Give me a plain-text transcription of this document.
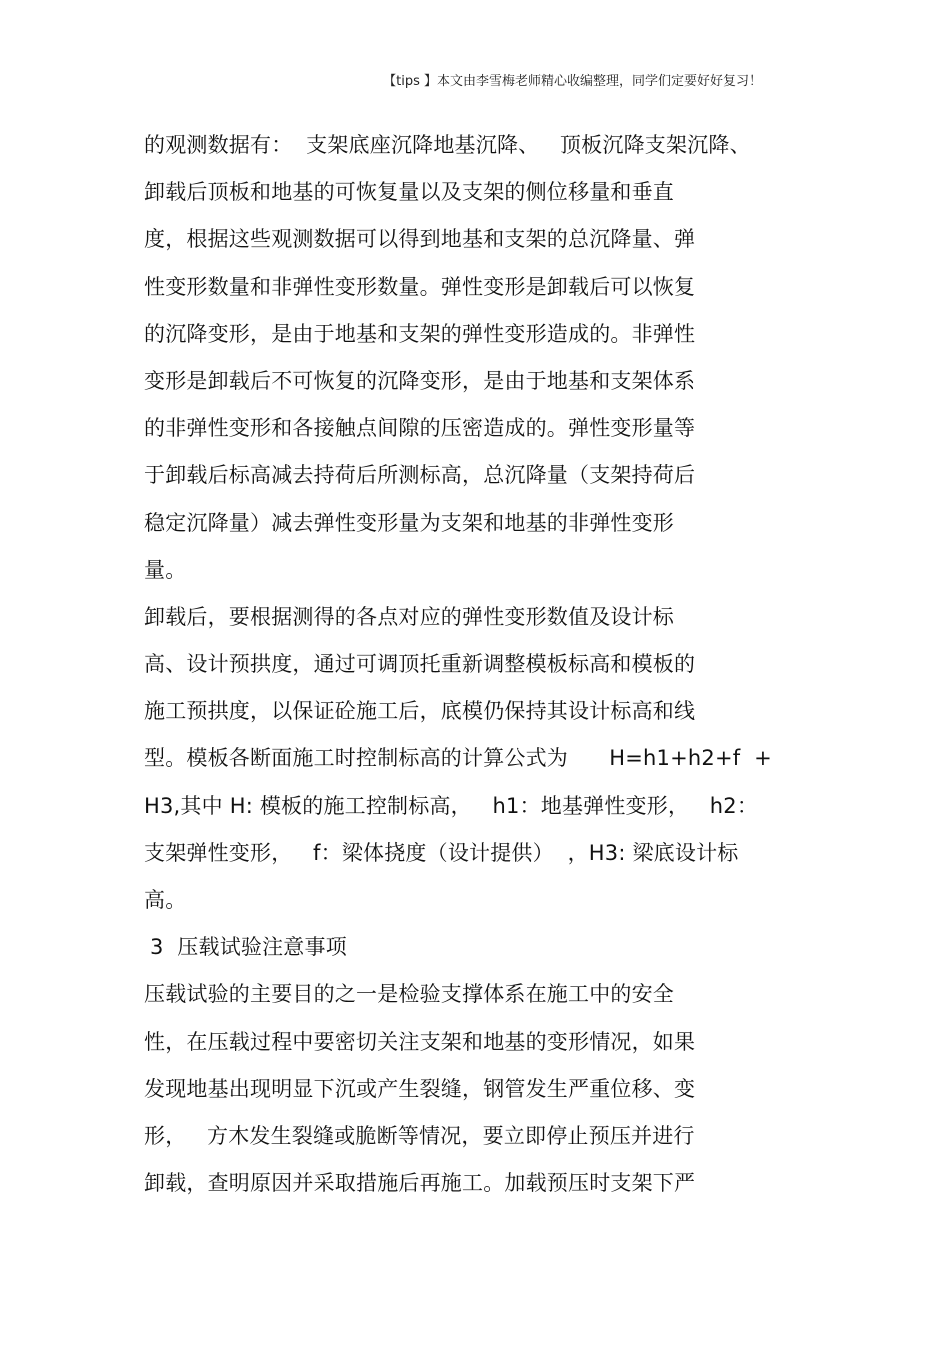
【tips 】本文由李雪梅老师精心收编整理，同学们定要好好复习！
的观测数据有：  支架底座沉降地基沉降、   顶板沉降支架沉降、
卸载后顶板和地基的可恢复量以及支架的侧位移量和垂直
度，根据这些观测数据可以得到地基和支架的总沉降量、弹
性变形数量和非弹性变形数量。弹性变形是卸载后可以恢复
的沉降变形，是由于地基和支架的弹性变形造成的。非弹性
变形是卸载后不可恢复的沉降变形，是由于地基和支架体系
的非弹性变形和各接触点间隙的压密造成的。弹性变形量等
于卸载后标高减去持荷后所测标高，总沉降量（支架持荷后
稳定沉降量）减去弹性变形量为支架和地基的非弹性变形
量。
卸载后，要根据测得的各点对应的弹性变形数值及设计标
高、设计预拱度，通过可调顶托重新调整模板标高和模板的
施工预拱度，以保证砼施工后，底模仍保持其设计标高和线
型。模板各断面施工时控制标高的计算公式为      H=h1+h2+f  +
H3,其中 H: 模板的施工控制标高，   h1：地基弹性变形，   h2：
支架弹性变形，   f：梁体挠度（设计提供）  ，H3: 梁底设计标
高。
3  压载试验注意事项
压载试验的主要目的之一是检验支撑体系在施工中的安全
性，在压载过程中要密切关注支架和地基的变形情况，如果
发现地基出现明显下沉或产生裂缝，钢管发生严重位移、变
形，   方木发生裂缝或脆断等情况，要立即停止预压并进行
卸载，查明原因并采取措施后再施工。加载预压时支架下严
